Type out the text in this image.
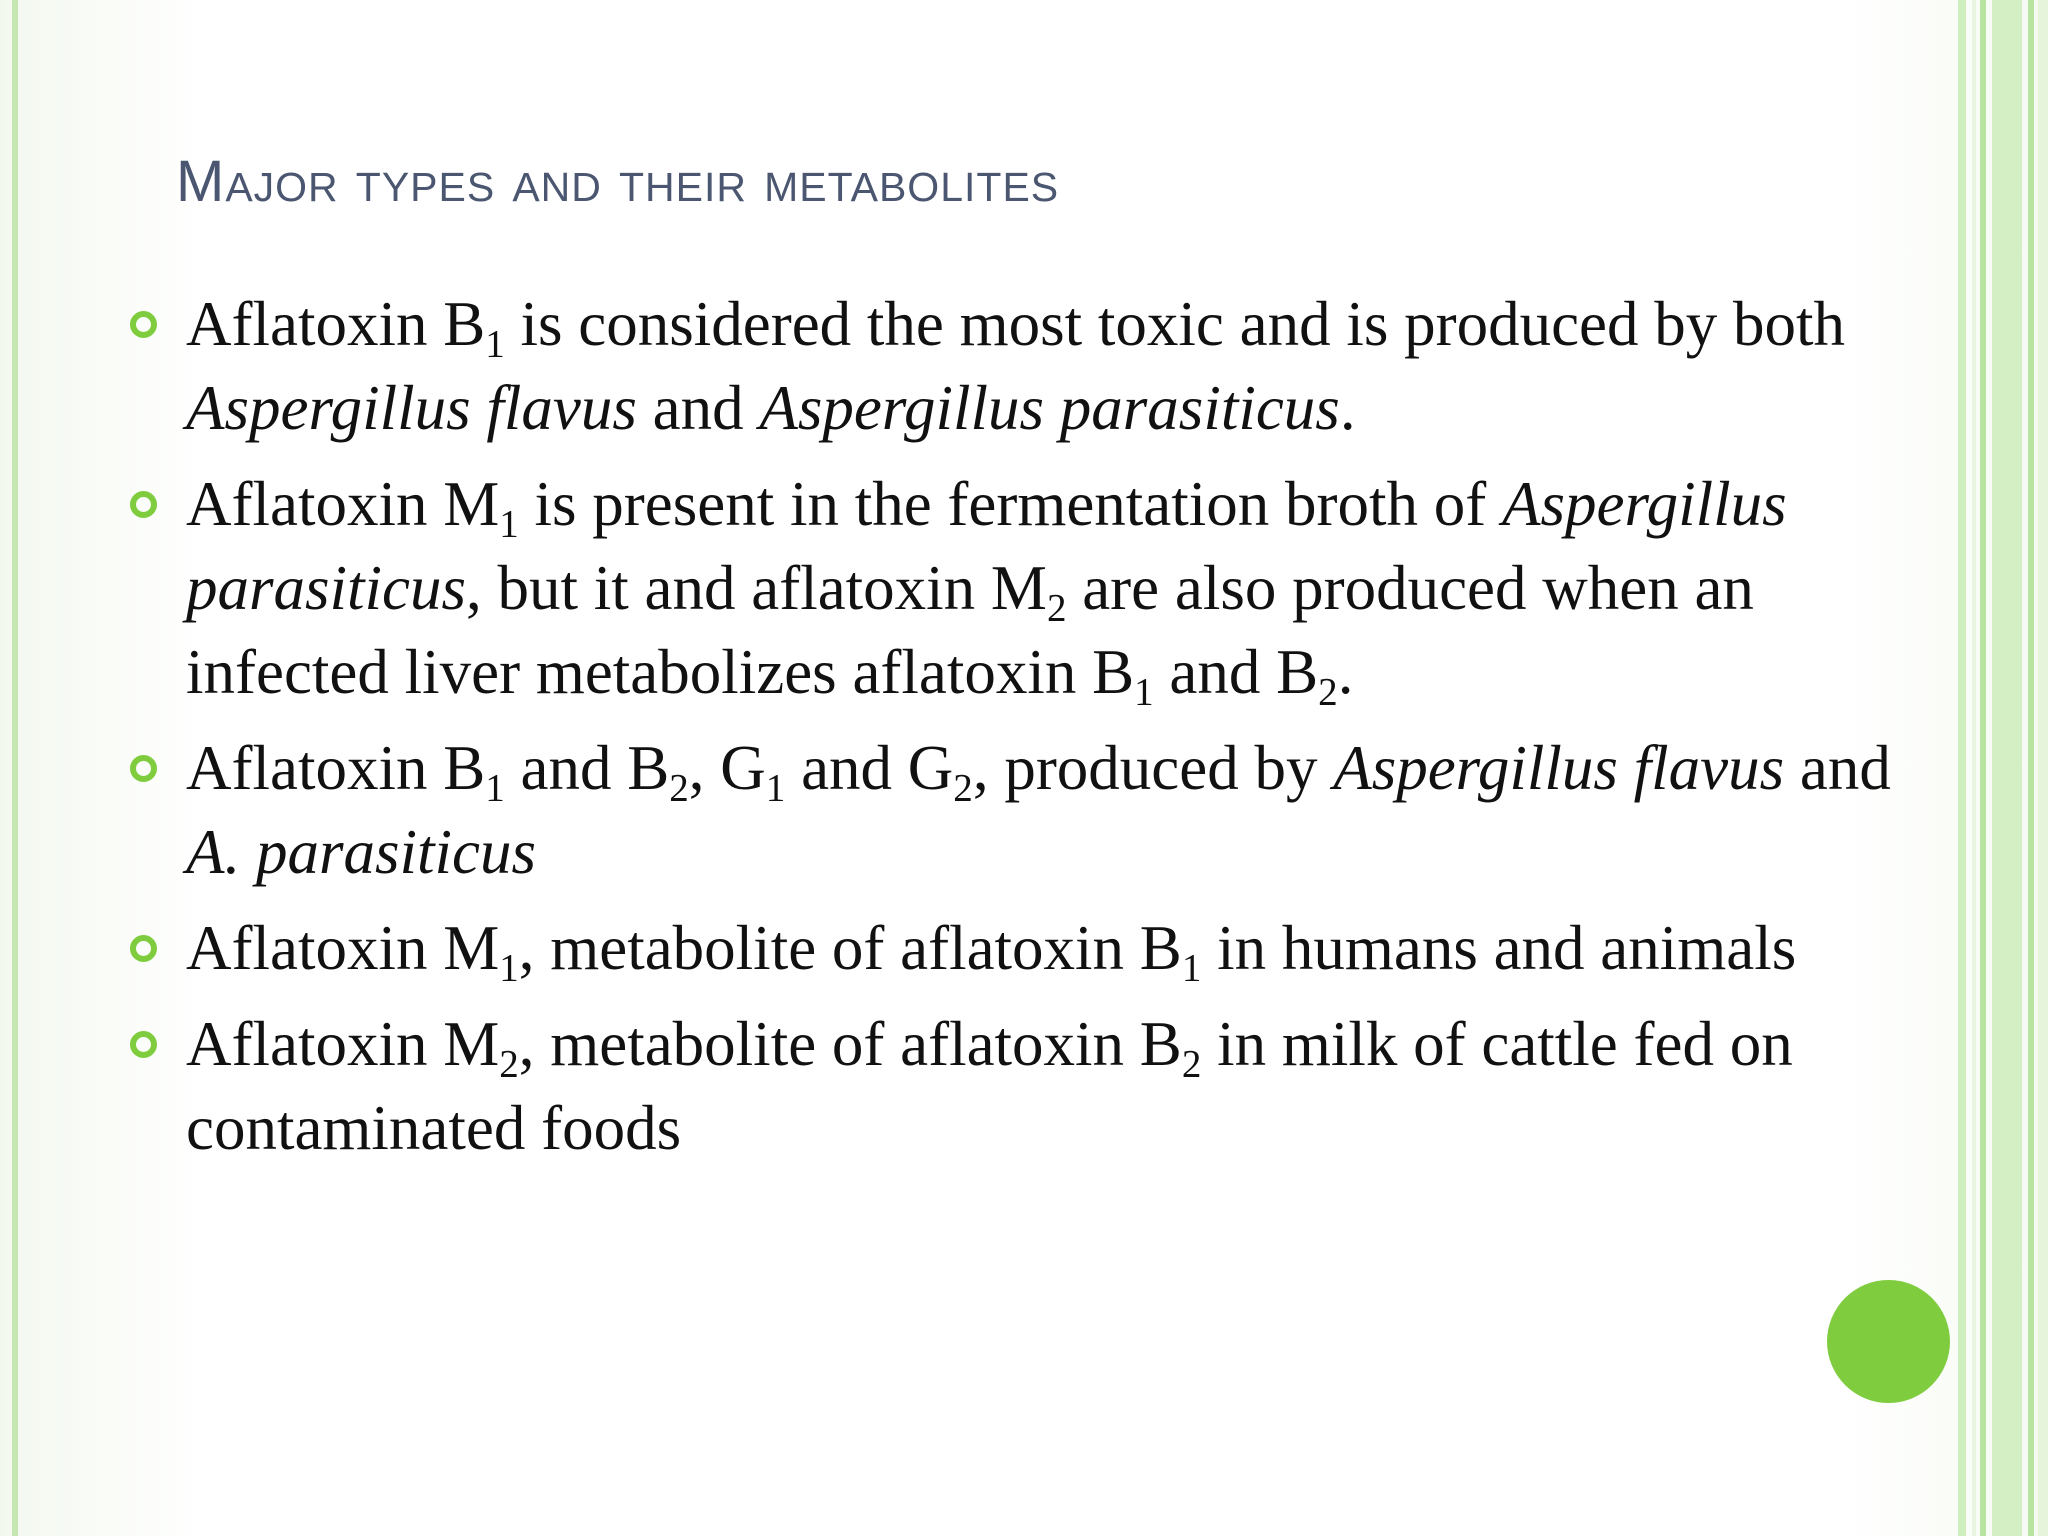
Major types and their metabolites
Aflatoxin B1 is considered the most toxic and is produced by both Aspergillus flavus and Aspergillus parasiticus.
Aflatoxin M1 is present in the fermentation broth of Aspergillus parasiticus, but it and aflatoxin M2 are also produced when an infected liver metabolizes aflatoxin B1 and B2.
Aflatoxin B1 and B2, G1 and G2, produced by Aspergillus flavus and A. parasiticus
Aflatoxin M1, metabolite of aflatoxin B1 in humans and animals
Aflatoxin M2, metabolite of aflatoxin B2 in milk of cattle fed on contaminated foods
